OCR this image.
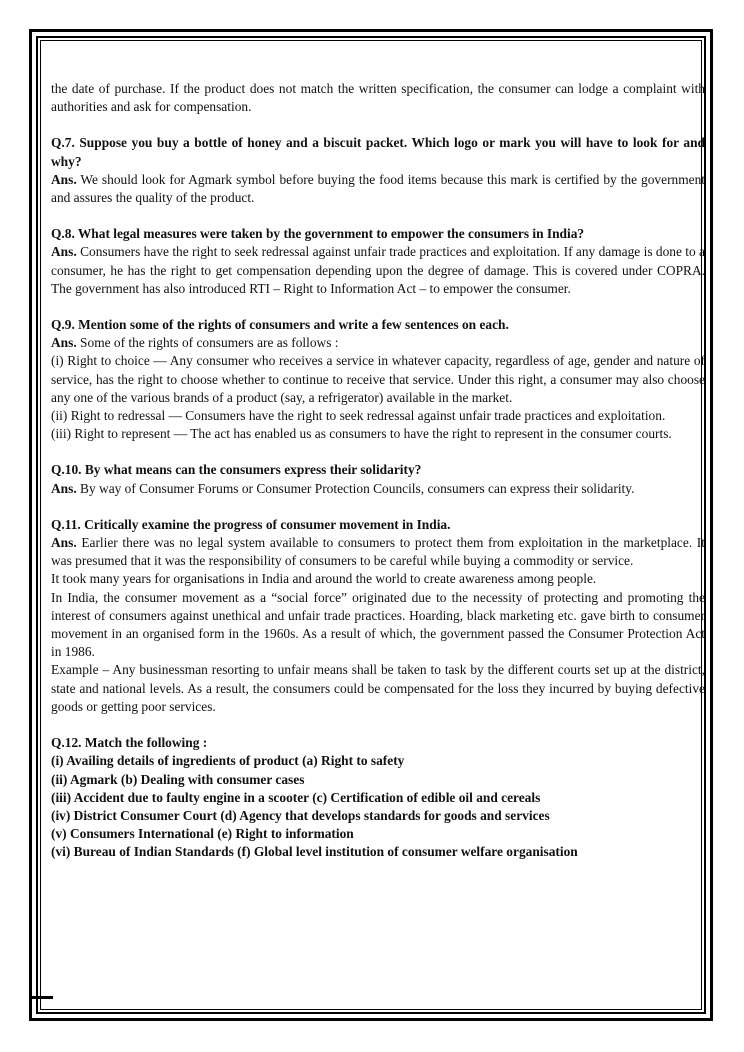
the date of purchase. If the product does not match the written specification, the consumer can lodge a complaint with authorities and ask for compensation.

Q.7. Suppose you buy a bottle of honey and a biscuit packet. Which logo or mark you will have to look for and why?

Ans. We should look for Agmark symbol before buying the food items because this mark is certified by the government and assures the quality of the product.

Q.8. What legal measures were taken by the government to empower the consumers in India?

Ans. Consumers have the right to seek redressal against unfair trade practices and exploitation. If any damage is done to a consumer, he has the right to get compensation depending upon the degree of damage. This is covered under COPRA. The government has also introduced RTI – Right to Information Act – to empower the consumer.

Q.9. Mention some of the rights of consumers and write a few sentences on each.

Ans. Some of the rights of consumers are as follows :

(i) Right to choice — Any consumer who receives a service in whatever capacity, regardless of age, gender and nature of service, has the right to choose whether to continue to receive that service. Under this right, a consumer may also choose any one of the various brands of a product (say, a refrigerator) available in the market.

(ii) Right to redressal — Consumers have the right to seek redressal against unfair trade practices and exploitation.

(iii) Right to represent — The act has enabled us as consumers to have the right to represent in the consumer courts.

Q.10. By what means can the consumers express their solidarity?

Ans. By way of Consumer Forums or Consumer Protection Councils, consumers can express their solidarity.

Q.11. Critically examine the progress of consumer movement in India.

Ans. Earlier there was no legal system available to consumers to protect them from exploitation in the marketplace. It was presumed that it was the responsibility of consumers to be careful while buying a commodity or service.

It took many years for organisations in India and around the world to create awareness among people.

In India, the consumer movement as a “social force” originated due to the necessity of protecting and promoting the interest of consumers against unethical and unfair trade practices. Hoarding, black marketing etc. gave birth to consumer movement in an organised form in the 1960s. As a result of which, the government passed the Consumer Protection Act in 1986.

Example – Any businessman resorting to unfair means shall be taken to task by the different courts set up at the district, state and national levels. As a result, the consumers could be compensated for the loss they incurred by buying defective goods or getting poor services.

Q.12. Match the following :

(i) Availing details of ingredients of product (a) Right to safety

(ii) Agmark (b) Dealing with consumer cases

(iii) Accident due to faulty engine in a scooter (c) Certification of edible oil and cereals

(iv) District Consumer Court (d) Agency that develops standards for goods and services

(v) Consumers International (e) Right to information

(vi) Bureau of Indian Standards (f) Global level institution of consumer welfare organisation
